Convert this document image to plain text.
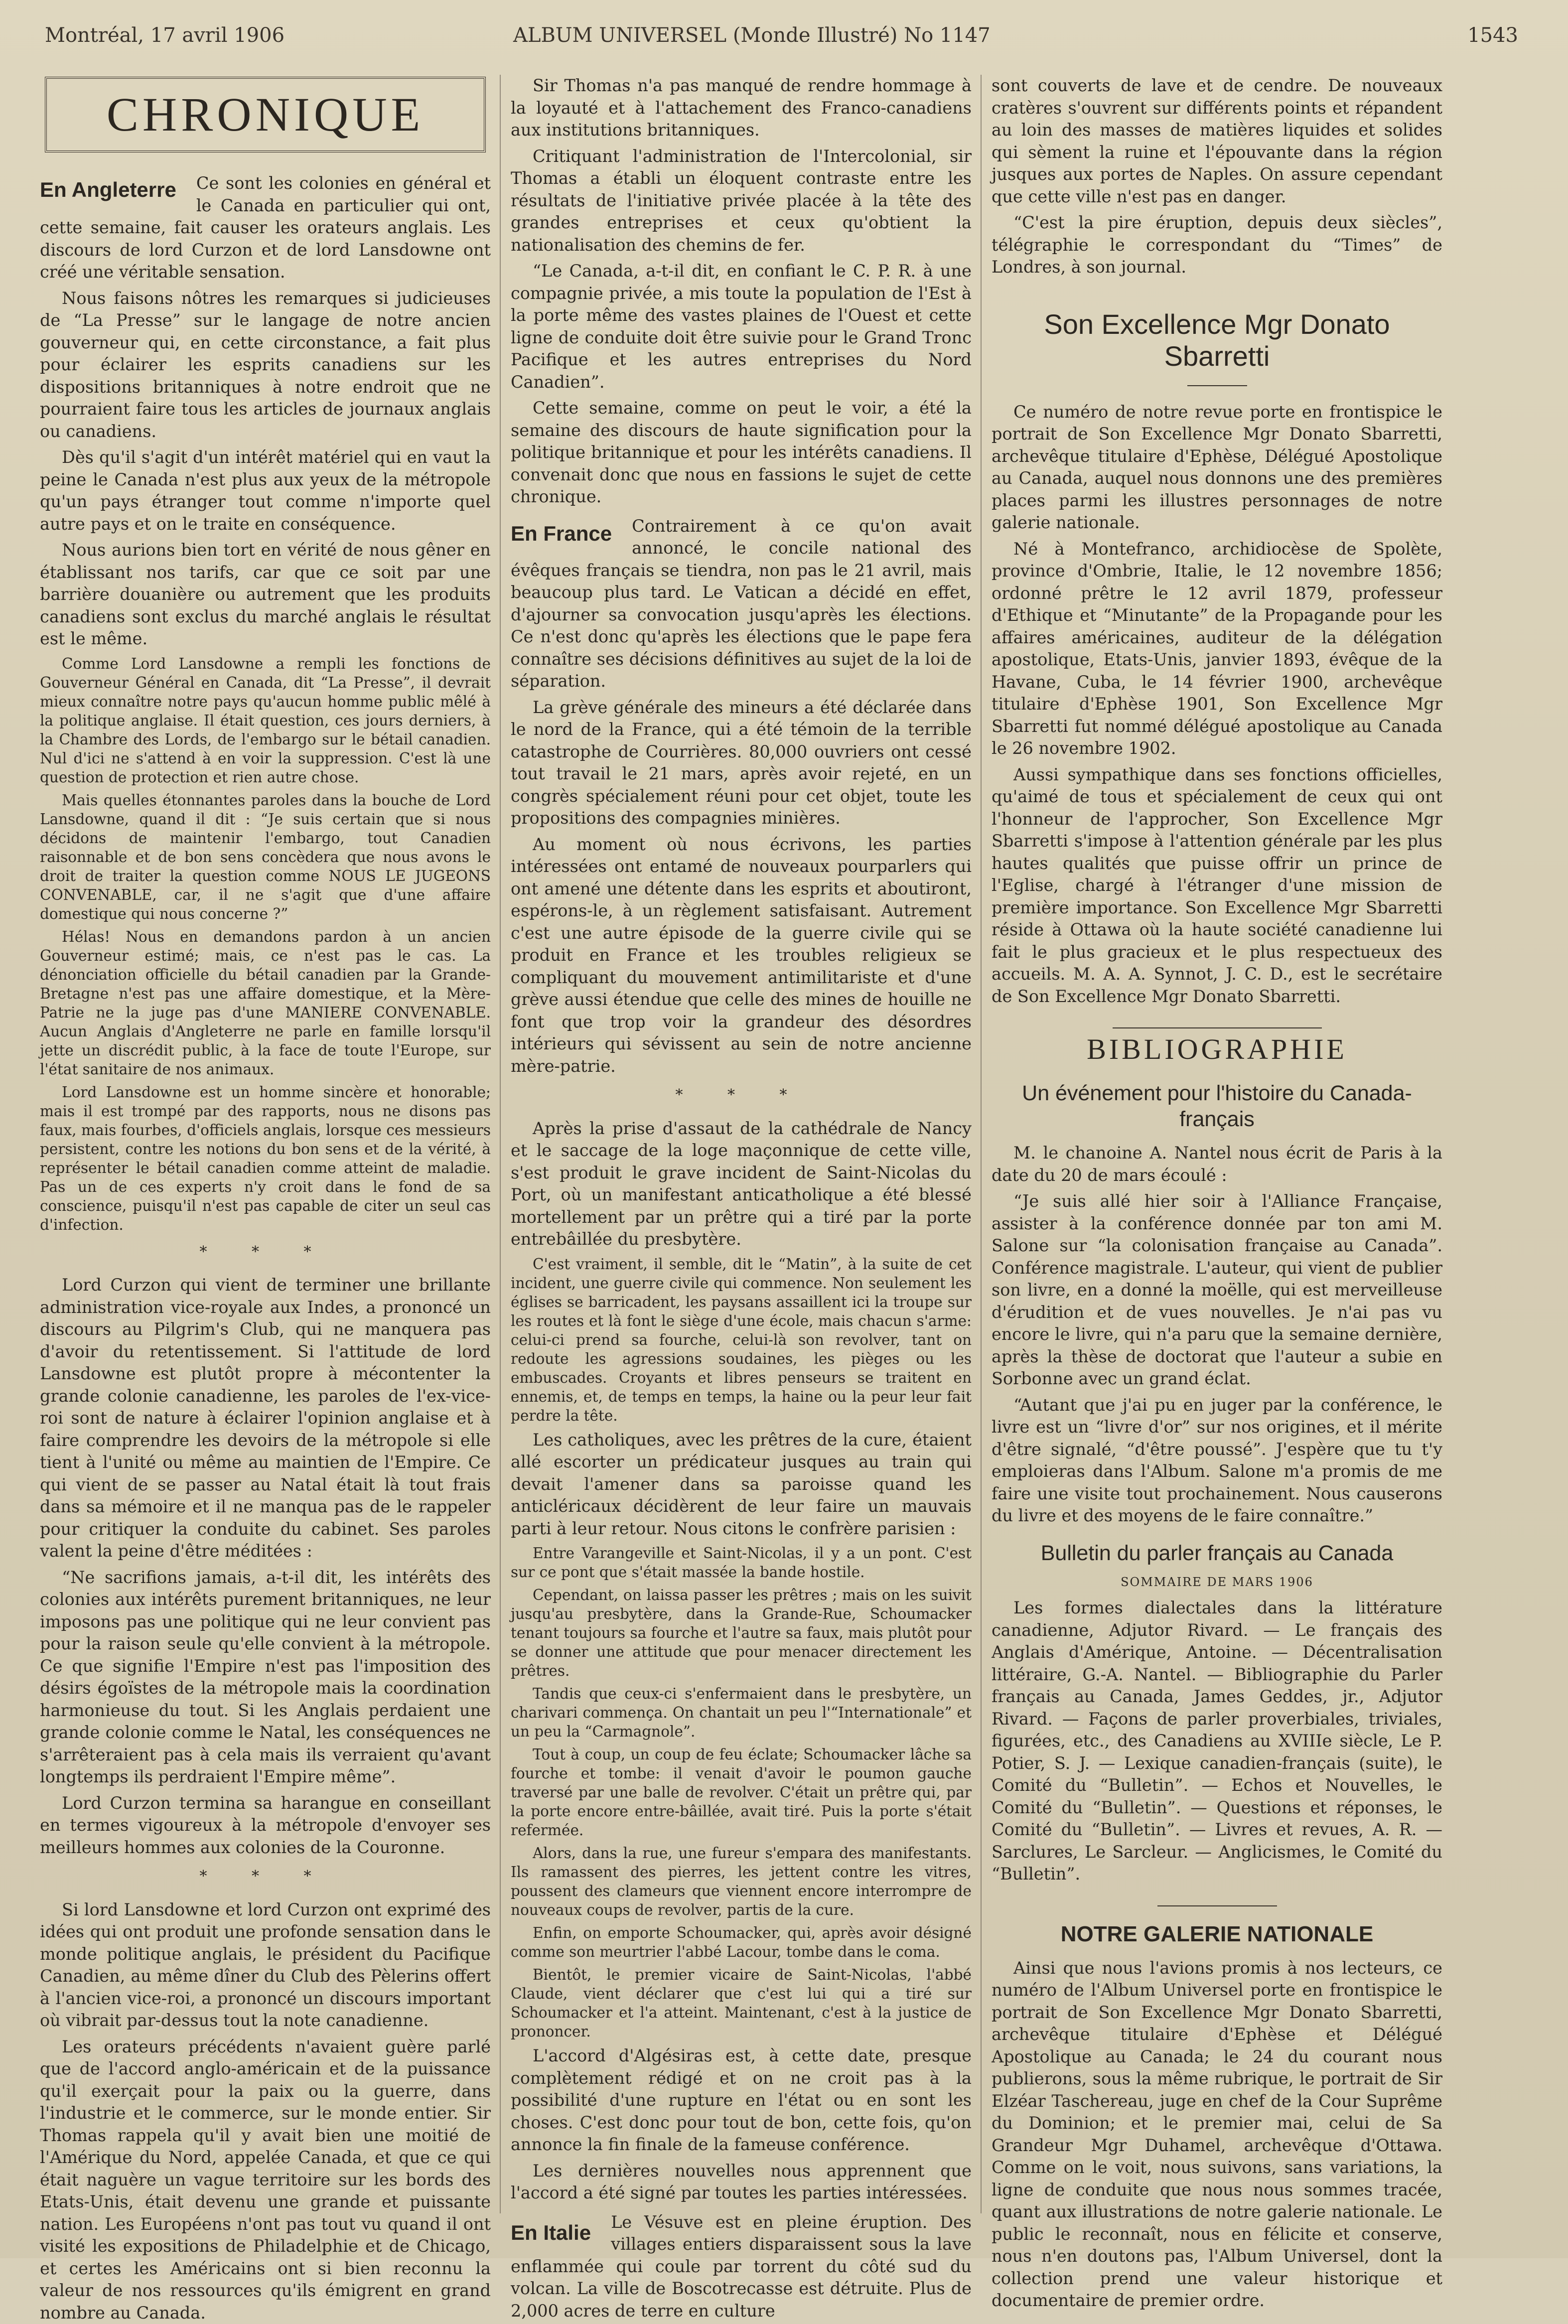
Montréal, 17 avril 1906	ALBUM UNIVERSEL (Monde Illustré) No 1147	1543
CHRONIQUE
En Angleterre	Ce sont les colonies en général et le Canada en particulier qui ont, cette semaine, fait causer les orateurs anglais. Les discours de lord Curzon et de lord Lansdowne ont créé une véritable sensation.

Nous faisons nôtres les remarques si judicieuses de “La Presse” sur le langage de notre ancien gouverneur qui, en cette circonstance, a fait plus pour éclairer les esprits canadiens sur les dispositions britanniques à notre endroit que ne pourraient faire tous les articles de journaux anglais ou canadiens.

Dès qu'il s'agit d'un intérêt matériel qui en vaut la peine le Canada n'est plus aux yeux de la métropole qu'un pays étranger tout comme n'importe quel autre pays et on le traite en conséquence.

Nous aurions bien tort en vérité de nous gêner en établissant nos tarifs, car que ce soit par une barrière douanière ou autrement que les produits canadiens sont exclus du marché anglais le résultat est le même.

Comme Lord Lansdowne a rempli les fonctions de Gouverneur Général en Canada, dit “La Presse”, il devrait mieux connaître notre pays qu'aucun homme public mêlé à la politique anglaise. Il était question, ces jours derniers, à la Chambre des Lords, de l'embargo sur le bétail canadien. Nul d'ici ne s'attend à en voir la suppression. C'est là une question de protection et rien autre chose.

Mais quelles étonnantes paroles dans la bouche de Lord Lansdowne, quand il dit : “Je suis certain que si nous décidons de maintenir l'embargo, tout Canadien raisonnable et de bon sens concèdera que nous avons le droit de traiter la question comme NOUS LE JUGEONS CONVENABLE, car, il ne s'agit que d'une affaire domestique qui nous concerne ?”

Hélas! Nous en demandons pardon à un ancien Gouverneur estimé; mais, ce n'est pas le cas. La dénonciation officielle du bétail canadien par la Grande-Bretagne n'est pas une affaire domestique, et la Mère-Patrie ne la juge pas d'une MANIERE CONVENABLE. Aucun Anglais d'Angleterre ne parle en famille lorsqu'il jette un discrédit public, à la face de toute l'Europe, sur l'état sanitaire de nos animaux.

Lord Lansdowne est un homme sincère et honorable; mais il est trompé par des rapports, nous ne disons pas faux, mais fourbes, d'officiels anglais, lorsque ces messieurs persistent, contre les notions du bon sens et de la vérité, à représenter le bétail canadien comme atteint de maladie. Pas un de ces experts n'y croit dans le fond de sa conscience, puisqu'il n'est pas capable de citer un seul cas d'infection.

* * *

Lord Curzon qui vient de terminer une brillante administration vice-royale aux Indes, a prononcé un discours au Pilgrim's Club, qui ne manquera pas d'avoir du retentissement. Si l'attitude de lord Lansdowne est plutôt propre à mécontenter la grande colonie canadienne, les paroles de l'ex-vice-roi sont de nature à éclairer l'opinion anglaise et à faire comprendre les devoirs de la métropole si elle tient à l'unité ou même au maintien de l'Empire. Ce qui vient de se passer au Natal était là tout frais dans sa mémoire et il ne manqua pas de le rappeler pour critiquer la conduite du cabinet. Ses paroles valent la peine d'être méditées :

“Ne sacrifions jamais, a-t-il dit, les intérêts des colonies aux intérêts purement britanniques, ne leur imposons pas une politique qui ne leur convient pas pour la raison seule qu'elle convient à la métropole. Ce que signifie l'Empire n'est pas l'imposition des désirs égoïstes de la métropole mais la coordination harmonieuse du tout. Si les Anglais perdaient une grande colonie comme le Natal, les conséquences ne s'arrêteraient pas à cela mais ils verraient qu'avant longtemps ils perdraient l'Empire même”.

Lord Curzon termina sa harangue en conseillant en termes vigoureux à la métropole d'envoyer ses meilleurs hommes aux colonies de la Couronne.

* * *

Si lord Lansdowne et lord Curzon ont exprimé des idées qui ont produit une profonde sensation dans le monde politique anglais, le président du Pacifique Canadien, au même dîner du Club des Pèlerins offert à l'ancien vice-roi, a prononcé un discours important où vibrait par-dessus tout la note canadienne.

Les orateurs précédents n'avaient guère parlé que de l'accord anglo-américain et de la puissance qu'il exerçait pour la paix ou la guerre, dans l'industrie et le commerce, sur le monde entier. Sir Thomas rappela qu'il y avait bien une moitié de l'Amérique du Nord, appelée Canada, et que ce qui était naguère un vague territoire sur les bords des Etats-Unis, était devenu une grande et puissante nation. Les Européens n'ont pas tout vu quand il ont visité les expositions de Philadelphie et de Chicago, et certes les Américains ont si bien reconnu la valeur de nos ressources qu'ils émigrent en grand nombre au Canada.

Sir Thomas n'a pas manqué de rendre hommage à la loyauté et à l'attachement des Franco-canadiens aux institutions britanniques.

Critiquant l'administration de l'Intercolonial, sir Thomas a établi un éloquent contraste entre les résultats de l'initiative privée placée à la tête des grandes entreprises et ceux qu'obtient la nationalisation des chemins de fer.

“Le Canada, a-t-il dit, en confiant le C. P. R. à une compagnie privée, a mis toute la population de l'Est à la porte même des vastes plaines de l'Ouest et cette ligne de conduite doit être suivie pour le Grand Tronc Pacifique et les autres entreprises du Nord Canadien”.

Cette semaine, comme on peut le voir, a été la semaine des discours de haute signification pour la politique britannique et pour les intérêts canadiens. Il convenait donc que nous en fassions le sujet de cette chronique.

En France	Contrairement à ce qu'on avait annoncé, le concile national des évêques français se tiendra, non pas le 21 avril, mais beaucoup plus tard. Le Vatican a décidé en effet, d'ajourner sa convocation jusqu'après les élections. Ce n'est donc qu'après les élections que le pape fera connaître ses décisions définitives au sujet de la loi de séparation.

La grève générale des mineurs a été déclarée dans le nord de la France, qui a été témoin de la terrible catastrophe de Courrières. 80,000 ouvriers ont cessé tout travail le 21 mars, après avoir rejeté, en un congrès spécialement réuni pour cet objet, toute les propositions des compagnies minières.

Au moment où nous écrivons, les parties intéressées ont entamé de nouveaux pourparlers qui ont amené une détente dans les esprits et aboutiront, espérons-le, à un règlement satisfaisant. Autrement c'est une autre épisode de la guerre civile qui se produit en France et les troubles religieux se compliquant du mouvement antimilitariste et d'une grève aussi étendue que celle des mines de houille ne font que trop voir la grandeur des désordres intérieurs qui sévissent au sein de notre ancienne mère-patrie.

* * *

Après la prise d'assaut de la cathédrale de Nancy et le saccage de la loge maçonnique de cette ville, s'est produit le grave incident de Saint-Nicolas du Port, où un manifestant anticatholique a été blessé mortellement par un prêtre qui a tiré par la porte entrebâillée du presbytère.

C'est vraiment, il semble, dit le “Matin”, à la suite de cet incident, une guerre civile qui commence. Non seulement les églises se barricadent, les paysans assaillent ici la troupe sur les routes et là font le siège d'une école, mais chacun s'arme: celui-ci prend sa fourche, celui-là son revolver, tant on redoute les agressions soudaines, les pièges ou les embuscades. Croyants et libres penseurs se traitent en ennemis, et, de temps en temps, la haine ou la peur leur fait perdre la tête.

Les catholiques, avec les prêtres de la cure, étaient allé escorter un prédicateur jusques au train qui devait l'amener dans sa paroisse quand les anticléricaux décidèrent de leur faire un mauvais parti à leur retour. Nous citons le confrère parisien :

Entre Varangeville et Saint-Nicolas, il y a un pont. C'est sur ce pont que s'était massée la bande hostile.

Cependant, on laissa passer les prêtres ; mais on les suivit jusqu'au presbytère, dans la Grande-Rue, Schoumacker tenant toujours sa fourche et l'autre sa faux, mais plutôt pour se donner une attitude que pour menacer directement les prêtres.

Tandis que ceux-ci s'enfermaient dans le presbytère, un charivari commença. On chantait un peu l'“Internationale” et un peu la “Carmagnole”.

Tout à coup, un coup de feu éclate; Schoumacker lâche sa fourche et tombe: il venait d'avoir le poumon gauche traversé par une balle de revolver. C'était un prêtre qui, par la porte encore entre-bâillée, avait tiré. Puis la porte s'était refermée.

Alors, dans la rue, une fureur s'empara des manifestants. Ils ramassent des pierres, les jettent contre les vitres, poussent des clameurs que viennent encore interrompre de nouveaux coups de revolver, partis de la cure.

Enfin, on emporte Schoumacker, qui, après avoir désigné comme son meurtrier l'abbé Lacour, tombe dans le coma.

Bientôt, le premier vicaire de Saint-Nicolas, l'abbé Claude, vient déclarer que c'est lui qui a tiré sur Schoumacker et l'a atteint. Maintenant, c'est à la justice de prononcer.

L'accord d'Algésiras est, à cette date, presque complètement rédigé et on ne croit pas à la possibilité d'une rupture en l'état ou en sont les choses. C'est donc pour tout de bon, cette fois, qu'on annonce la fin finale de la fameuse conférence.

Les dernières nouvelles nous apprennent que l'accord a été signé par toutes les parties intéressées.

En Italie	Le Vésuve est en pleine éruption. Des villages entiers disparaissent sous la lave enflammée qui coule par torrent du côté sud du volcan. La ville de Boscotrecasse est détruite. Plus de 2,000 acres de terre en culture

sont couverts de lave et de cendre. De nouveaux cratères s'ouvrent sur différents points et répandent au loin des masses de matières liquides et solides qui sèment la ruine et l'épouvante dans la région jusques aux portes de Naples. On assure cependant que cette ville n'est pas en danger.

“C'est la pire éruption, depuis deux siècles”, télégraphie le correspondant du “Times” de Londres, à son journal.

Son Excellence Mgr Donato Sbarretti

Ce numéro de notre revue porte en frontispice le portrait de Son Excellence Mgr Donato Sbarretti, archevêque titulaire d'Ephèse, Délégué Apostolique au Canada, auquel nous donnons une des premières places parmi les illustres personnages de notre galerie nationale.

Né à Montefranco, archidiocèse de Spolète, province d'Ombrie, Italie, le 12 novembre 1856; ordonné prêtre le 12 avril 1879, professeur d'Ethique et “Minutante” de la Propagande pour les affaires américaines, auditeur de la délégation apostolique, Etats-Unis, janvier 1893, évêque de la Havane, Cuba, le 14 février 1900, archevêque titulaire d'Ephèse 1901, Son Excellence Mgr Sbarretti fut nommé délégué apostolique au Canada le 26 novembre 1902.

Aussi sympathique dans ses fonctions officielles, qu'aimé de tous et spécialement de ceux qui ont l'honneur de l'approcher, Son Excellence Mgr Sbarretti s'impose à l'attention générale par les plus hautes qualités que puisse offrir un prince de l'Eglise, chargé à l'étranger d'une mission de première importance. Son Excellence Mgr Sbarretti réside à Ottawa où la haute société canadienne lui fait le plus gracieux et le plus respectueux des accueils. M. A. A. Synnot, J. C. D., est le secrétaire de Son Excellence Mgr Donato Sbarretti.

BIBLIOGRAPHIE
Un événement pour l'histoire du Canada-français

M. le chanoine A. Nantel nous écrit de Paris à la date du 20 de mars écoulé :

“Je suis allé hier soir à l'Alliance Française, assister à la conférence donnée par ton ami M. Salone sur “la colonisation française au Canada”. Conférence magistrale. L'auteur, qui vient de publier son livre, en a donné la moëlle, qui est merveilleuse d'érudition et de vues nouvelles. Je n'ai pas vu encore le livre, qui n'a paru que la semaine dernière, après la thèse de doctorat que l'auteur a subie en Sorbonne avec un grand éclat.

“Autant que j'ai pu en juger par la conférence, le livre est un “livre d'or” sur nos origines, et il mérite d'être signalé, “d'être poussé”. J'espère que tu t'y emploieras dans l'Album. Salone m'a promis de me faire une visite tout prochainement. Nous causerons du livre et des moyens de le faire connaître.”

Bulletin du parler français au Canada
SOMMAIRE DE MARS 1906

Les formes dialectales dans la littérature canadienne, Adjutor Rivard. — Le français des Anglais d'Amérique, Antoine. — Décentralisation littéraire, G.-A. Nantel. — Bibliographie du Parler français au Canada, James Geddes, jr., Adjutor Rivard. — Façons de parler proverbiales, triviales, figurées, etc., des Canadiens au XVIIIe siècle, Le P. Potier, S. J. — Lexique canadien-français (suite), le Comité du “Bulletin”. — Echos et Nouvelles, le Comité du “Bulletin”. — Questions et réponses, le Comité du “Bulletin”. — Livres et revues, A. R. — Sarclures, Le Sarcleur. — Anglicismes, le Comité du “Bulletin”.

NOTRE GALERIE NATIONALE

Ainsi que nous l'avions promis à nos lecteurs, ce numéro de l'Album Universel porte en frontispice le portrait de Son Excellence Mgr Donato Sbarretti, archevêque titulaire d'Ephèse et Délégué Apostolique au Canada; le 24 du courant nous publierons, sous la même rubrique, le portrait de Sir Elzéar Taschereau, juge en chef de la Cour Suprême du Dominion; et le premier mai, celui de Sa Grandeur Mgr Duhamel, archevêque d'Ottawa. Comme on le voit, nous suivons, sans variations, la ligne de conduite que nous nous sommes tracée, quant aux illustrations de notre galerie nationale. Le public le reconnaît, nous en félicite et conserve, nous n'en doutons pas, l'Album Universel, dont la collection prend une valeur historique et documentaire de premier ordre.
